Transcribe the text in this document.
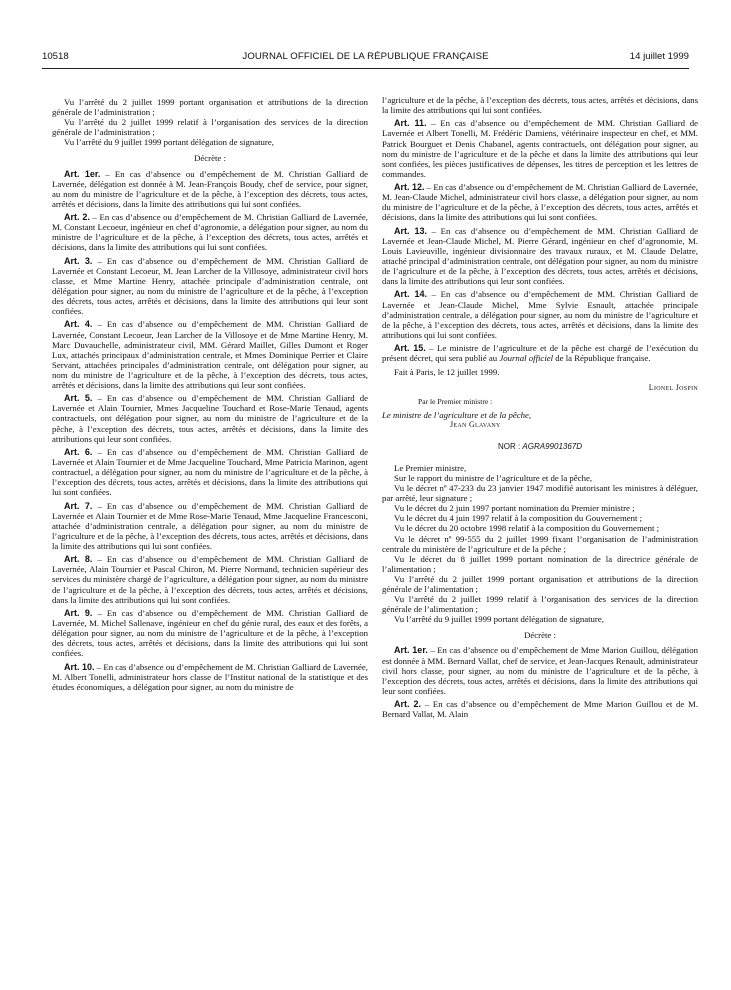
10518	JOURNAL OFFICIEL DE LA RÉPUBLIQUE FRANÇAISE	14 juillet 1999

Vu l’arrêté du 2 juillet 1999 portant organisation et attributions de la direction générale de l’administration ;

Vu l’arrêté du 2 juillet 1999 relatif à l’organisation des services de la direction générale de l’administration ;

Vu l’arrêté du 9 juillet 1999 portant délégation de signature,

Décrète :

Art. 1er. – En cas d’absence ou d’empêchement de M. Christian Galliard de Lavernée, délégation est donnée à M. Jean-François Boudy, chef de service, pour signer, au nom du ministre de l’agriculture et de la pêche, à l’exception des décrets, tous actes, arrêtés et décisions, dans la limite des attributions qui lui sont confiées.

Art. 2. – En cas d’absence ou d’empêchement de M. Christian Galliard de Lavernée, M. Constant Lecoeur, ingénieur en chef d’agronomie, a délégation pour signer, au nom du ministre de l’agriculture et de la pêche, à l’exception des décrets, tous actes, arrêtés et décisions, dans la limite des attributions qui lui sont confiées.

Art. 3. – En cas d’absence ou d’empêchement de MM. Christian Galliard de Lavernée et Constant Lecoeur, M. Jean Larcher de la Villosoye, administrateur civil hors classe, et Mme Martine Henry, attachée principale d’administration centrale, ont délégation pour signer, au nom du ministre de l’agriculture et de la pêche, à l’exception des décrets, tous actes, arrêtés et décisions, dans la limite des attributions qui leur sont confiées.

Art. 4. – En cas d’absence ou d’empêchement de MM. Christian Galliard de Lavernée, Constant Lecoeur, Jean Larcher de la Villosoye et de Mme Martine Henry, M. Marc Duvauchelle, administrateur civil, MM. Gérard Maillet, Gilles Dumont et Roger Lux, attachés principaux d’administration centrale, et Mmes Dominique Perrier et Claire Servant, attachées principales d’administration centrale, ont délégation pour signer, au nom du ministre de l’agriculture et de la pêche, à l’exception des décrets, tous actes, arrêtés et décisions, dans la limite des attributions qui leur sont confiées.

Art. 5. – En cas d’absence ou d’empêchement de MM. Christian Galliard de Lavernée et Alain Tournier, Mmes Jacqueline Touchard et Rose-Marie Tenaud, agents contractuels, ont délégation pour signer, au nom du ministre de l’agriculture et de la pêche, à l’exception des décrets, tous actes, arrêtés et décisions, dans la limite des attributions qui leur sont confiées.

Art. 6. – En cas d’absence ou d’empêchement de MM. Christian Galliard de Lavernée et Alain Tournier et de Mme Jacqueline Touchard, Mme Patricia Marinon, agent contractuel, a délégation pour signer, au nom du ministre de l’agriculture et de la pêche, à l’exception des décrets, tous actes, arrêtés et décisions, dans la limite des attributions qui lui sont confiées.

Art. 7. – En cas d’absence ou d’empêchement de MM. Christian Galliard de Lavernée et Alain Tournier et de Mme Rose-Marie Tenaud, Mme Jacqueline Francesconi, attachée d’administration centrale, a délégation pour signer, au nom du ministre de l’agriculture et de la pêche, à l’exception des décrets, tous actes, arrêtés et décisions, dans la limite des attributions qui lui sont confiées.

Art. 8. – En cas d’absence ou d’empêchement de MM. Christian Galliard de Lavernée, Alain Tournier et Pascal Chiron, M. Pierre Normand, technicien supérieur des services du ministère chargé de l’agriculture, a délégation pour signer, au nom du ministre de l’agriculture et de la pêche, à l’exception des décrets, tous actes, arrêtés et décisions, dans la limite des attributions qui lui sont confiées.

Art. 9. – En cas d’absence ou d’empêchement de MM. Christian Galliard de Lavernée, M. Michel Sallenave, ingénieur en chef du génie rural, des eaux et des forêts, a délégation pour signer, au nom du ministre de l’agriculture et de la pêche, à l’exception des décrets, tous actes, arrêtés et décisions, dans la limite des attributions qui lui sont confiées.

Art. 10. – En cas d’absence ou d’empêchement de M. Christian Galliard de Lavernée, M. Albert Tonelli, administrateur hors classe de l’Institut national de la statistique et des études économiques, a délégation pour signer, au nom du ministre de

l’agriculture et de la pêche, à l’exception des décrets, tous actes, arrêtés et décisions, dans la limite des attributions qui lui sont confiées.

Art. 11. – En cas d’absence ou d’empêchement de MM. Christian Galliard de Lavernée et Albert Tonelli, M. Frédéric Damiens, vétérinaire inspecteur en chef, et MM. Patrick Bourguet et Denis Chabanel, agents contractuels, ont délégation pour signer, au nom du ministre de l’agriculture et de la pêche et dans la limite des attributions qui leur sont confiées, les pièces justificatives de dépenses, les titres de perception et les lettres de commandes.

Art. 12. – En cas d’absence ou d’empêchement de M. Christian Galliard de Lavernée, M. Jean-Claude Michel, administrateur civil hors classe, a délégation pour signer, au nom du ministre de l’agriculture et de la pêche, à l’exception des décrets, tous actes, arrêtés et décisions, dans la limite des attributions qui lui sont confiées.

Art. 13. – En cas d’absence ou d’empêchement de MM. Christian Galliard de Lavernée et Jean-Claude Michel, M. Pierre Gérard, ingénieur en chef d’agronomie, M. Louis Lavieuville, ingénieur divisionnaire des travaux ruraux, et M. Claude Delatre, attaché principal d’administration centrale, ont délégation pour signer, au nom du ministre de l’agriculture et de la pêche, à l’exception des décrets, tous actes, arrêtés et décisions, dans la limite des attributions qui leur sont confiées.

Art. 14. – En cas d’absence ou d’empêchement de MM. Christian Galliard de Lavernée et Jean-Claude Michel, Mme Sylvie Esnault, attachée principale d’administration centrale, a délégation pour signer, au nom du ministre de l’agriculture et de la pêche, à l’exception des décrets, tous actes, arrêtés et décisions, dans la limite des attributions qui lui sont confiées.

Art. 15. – Le ministre de l’agriculture et de la pêche est chargé de l’exécution du présent décret, qui sera publié au Journal officiel de la République française.

Fait à Paris, le 12 juillet 1999.

Lionel Jospin

Par le Premier ministre :

Le ministre de l’agriculture et de la pêche,

Jean Glavany

NOR : AGRA9901367D

Le Premier ministre,

Sur le rapport du ministre de l’agriculture et de la pêche,

Vu le décret nº 47-233 du 23 janvier 1947 modifié autorisant les ministres à déléguer, par arrêté, leur signature ;

Vu le décret du 2 juin 1997 portant nomination du Premier ministre ;

Vu le décret du 4 juin 1997 relatif à la composition du Gouvernement ;

Vu le décret du 20 octobre 1998 relatif à la composition du Gouvernement ;

Vu le décret nº 99-555 du 2 juillet 1999 fixant l’organisation de l’administration centrale du ministère de l’agriculture et de la pêche ;

Vu le décret du 8 juillet 1999 portant nomination de la directrice générale de l’alimentation ;

Vu l’arrêté du 2 juillet 1999 portant organisation et attributions de la direction générale de l’alimentation ;

Vu l’arrêté du 2 juillet 1999 relatif à l’organisation des services de la direction générale de l’alimentation ;

Vu l’arrêté du 9 juillet 1999 portant délégation de signature,

Décrète :

Art. 1er. – En cas d’absence ou d’empêchement de Mme Marion Guillou, délégation est donnée à MM. Bernard Vallat, chef de service, et Jean-Jacques Renault, administrateur civil hors classe, pour signer, au nom du ministre de l’agriculture et de la pêche, à l’exception des décrets, tous actes, arrêtés et décisions, dans la limite des attributions qui leur sont confiées.

Art. 2. – En cas d’absence ou d’empêchement de Mme Marion Guillou et de M. Bernard Vallat, M. Alain
